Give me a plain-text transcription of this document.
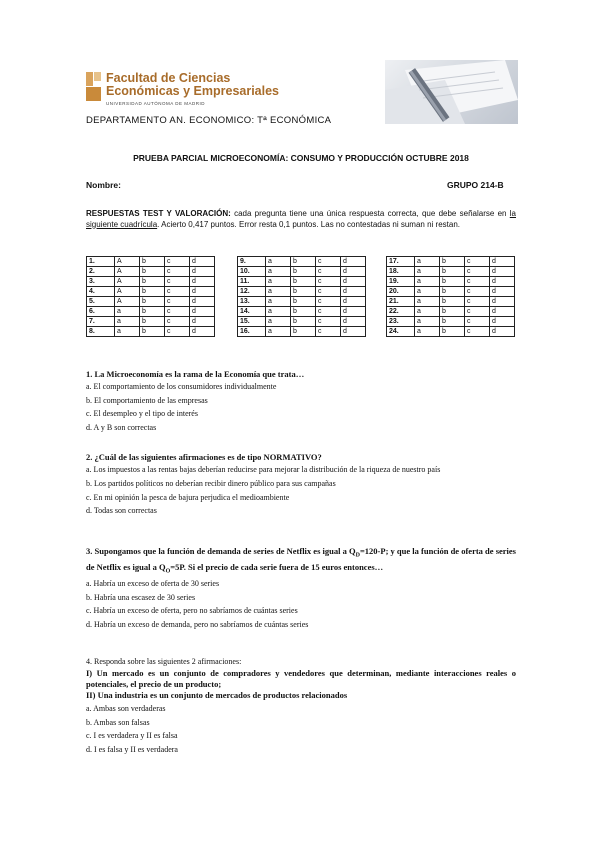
Facultad de Ciencias
Económicas y Empresariales
UNIVERSIDAD AUTÓNOMA DE MADRID
DEPARTAMENTO AN. ECONOMICO: Tª ECONÓMICA
PRUEBA PARCIAL MICROECONOMÍA: CONSUMO Y PRODUCCIÓN OCTUBRE 2018
Nombre:	GRUPO 214-B
RESPUESTAS TEST Y VALORACIÓN: cada pregunta tiene una única respuesta correcta, que debe señalarse en la siguiente cuadrícula. Acierto 0,417 puntos. Error resta 0,1 puntos. Las no contestadas ni suman ni restan.
1.	A	b	c	d
2.	A	b	c	d
3.	A	b	c	d
4.	A	b	c	d
5.	A	b	c	d
6.	a	b	c	d
7.	a	b	c	d
8.	a	b	c	d
9.	a	b	c	d
10.	a	b	c	d
11.	a	b	c	d
12.	a	b	c	d
13.	a	b	c	d
14.	a	b	c	d
15.	a	b	c	d
16.	a	b	c	d
17.	a	b	c	d
18.	a	b	c	d
19.	a	b	c	d
20.	a	b	c	d
21.	a	b	c	d
22.	a	b	c	d
23.	a	b	c	d
24.	a	b	c	d
1. La Microeconomía es la rama de la Economía que trata…
a. El comportamiento de los consumidores individualmente
b. El comportamiento de las empresas
c. El desempleo y el tipo de interés
d. A y B son correctas
2. ¿Cuál de las siguientes afirmaciones es de tipo NORMATIVO?
a. Los impuestos a las rentas bajas deberían reducirse para mejorar la distribución de la riqueza de nuestro país
b. Los partidos políticos no deberían recibir dinero público para sus campañas
c. En mi opinión la pesca de bajura perjudica el medioambiente
d. Todas son correctas
3. Supongamos que la función de demanda de series de Netflix es igual a $Q_D=120-P$; y que la función de oferta de series de Netflix es igual a $Q_O=5P$. Si el precio de cada serie fuera de 15 euros entonces…
a. Habría un exceso de oferta de 30 series
b. Habría una escasez de 30 series
c. Habría un exceso de oferta, pero no sabríamos de cuántas series
d. Habría un exceso de demanda, pero no sabríamos de cuántas series
4. Responda sobre las siguientes 2 afirmaciones:
I) Un mercado es un conjunto de compradores y vendedores que determinan, mediante interacciones reales o potenciales, el precio de un producto;
II) Una industria es un conjunto de mercados de productos relacionados
a. Ambas son verdaderas
b. Ambas son falsas
c. I es verdadera y II es falsa
d. I es falsa y II es verdadera
